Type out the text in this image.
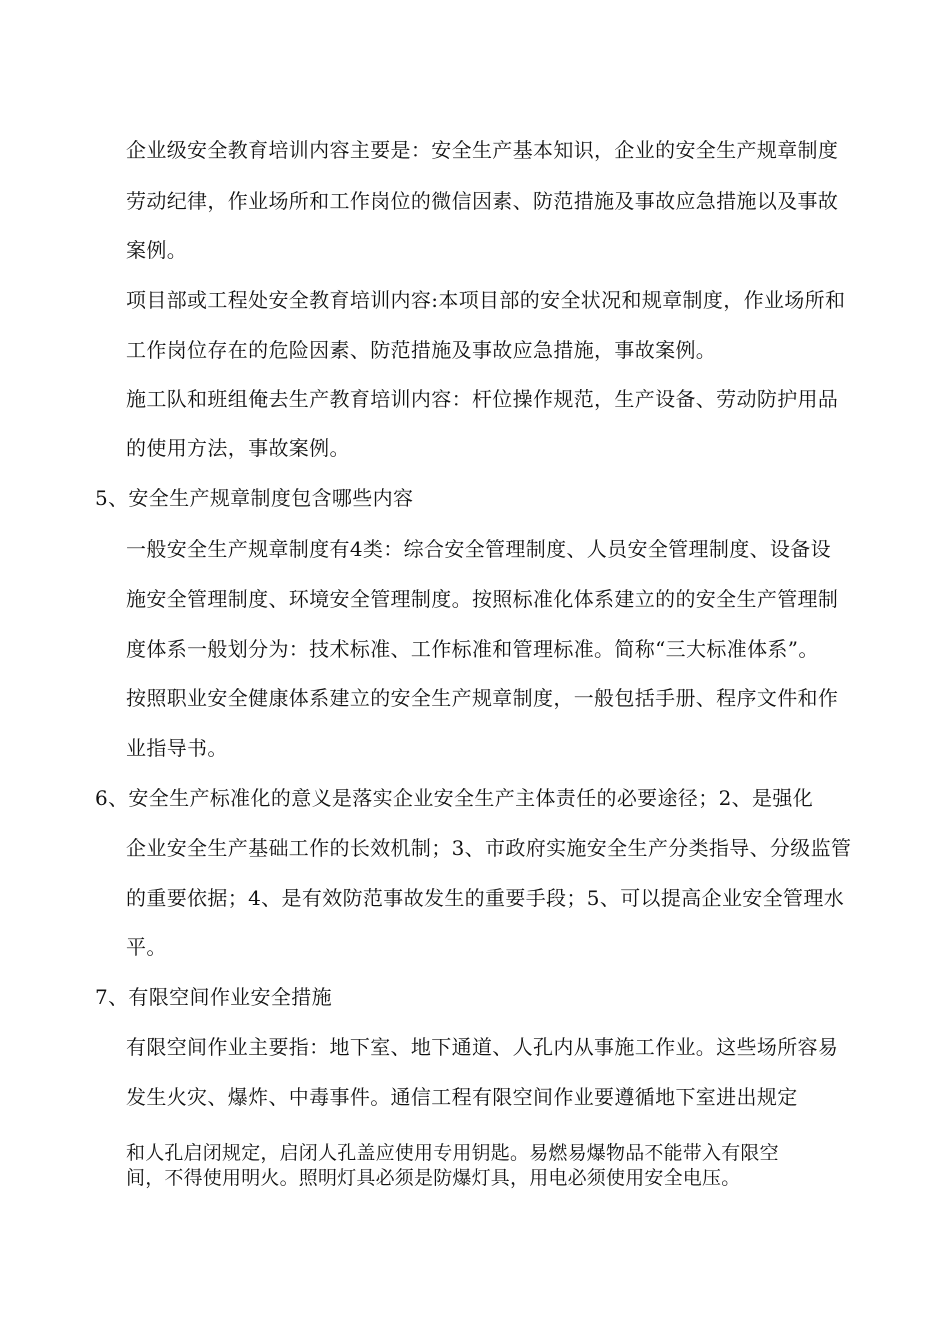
企业级安全教育培训内容主要是：安全生产基本知识，企业的安全生产规章制度
劳动纪律，作业场所和工作岗位的微信因素、防范措施及事故应急措施以及事故
案例。
项目部或工程处安全教育培训内容:本项目部的安全状况和规章制度，作业场所和
工作岗位存在的危险因素、防范措施及事故应急措施，事故案例。
施工队和班组俺去生产教育培训内容：杆位操作规范，生产设备、劳动防护用品
的使用方法，事故案例。
5、安全生产规章制度包含哪些内容
一般安全生产规章制度有4类：综合安全管理制度、人员安全管理制度、设备设
施安全管理制度、环境安全管理制度。按照标准化体系建立的的安全生产管理制
度体系一般划分为：技术标准、工作标准和管理标准。简称“三大标准体系”。
按照职业安全健康体系建立的安全生产规章制度，一般包括手册、程序文件和作
业指导书。
6、安全生产标准化的意义是落实企业安全生产主体责任的必要途径；2、是强化
企业安全生产基础工作的长效机制；3、市政府实施安全生产分类指导、分级监管
的重要依据；4、是有效防范事故发生的重要手段；5、可以提高企业安全管理水
平。
7、有限空间作业安全措施
有限空间作业主要指：地下室、地下通道、人孔内从事施工作业。这些场所容易
发生火灾、爆炸、中毒事件。通信工程有限空间作业要遵循地下室进出规定
和人孔启闭规定，启闭人孔盖应使用专用钥匙。易燃易爆物品不能带入有限空
间，不得使用明火。照明灯具必须是防爆灯具，用电必须使用安全电压。
